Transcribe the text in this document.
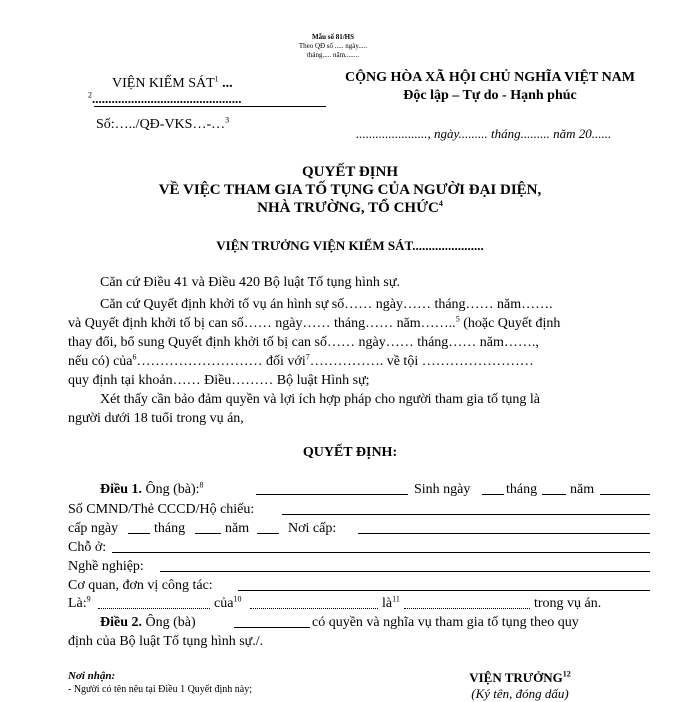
Mẫu số 81/HS
Theo QĐ số ..... ngày.....
tháng..... năm........
VIỆN KIỂM SÁT$^1$ ...
$^2$..............................................
Số:…../QĐ-VKS…-…$^3$
CỘNG HÒA XÃ HỘI CHỦ NGHĨA VIỆT NAM
Độc lập – Tự do - Hạnh phúc
......................, ngày......... tháng......... năm 20......
QUYẾT ĐỊNH
VỀ VIỆC THAM GIA TỐ TỤNG CỦA NGƯỜI ĐẠI DIỆN,
NHÀ TRƯỜNG, TỔ CHỨC$^4$
VIỆN TRƯỞNG VIỆN KIỂM SÁT......................
Căn cứ Điều 41 và Điều 420 Bộ luật Tố tụng hình sự.
Căn cứ Quyết định khởi tố vụ án hình sự số…… ngày…… tháng…… năm…….
và Quyết định khởi tố bị can số…… ngày…… tháng…… năm……..$^5$ (hoặc Quyết định
thay đổi, bổ sung Quyết định khởi tố bị can số…… ngày…… tháng…… năm…….,
nếu có) của$^6$……………………… đối với$^7$……………. về tội ……………………
quy định tại khoản…… Điều……… Bộ luật Hình sự;
Xét thấy cần bảo đảm quyền và lợi ích hợp pháp cho người tham gia tố tụng là
người dưới 18 tuổi trong vụ án,
QUYẾT ĐỊNH:
Điều 1. Ông (bà):$^8$	Sinh ngày	tháng năm
Số CMND/Thẻ CCCD/Hộ chiếu:
cấp ngày	tháng	năm	Nơi cấp:
Chỗ ở:
Nghề nghiệp:
Cơ quan, đơn vị công tác:
Là:$^9$	của$^{10}$	$là^{11}$	trong vụ án.
Điều 2. Ông (bà)	có quyền và nghĩa vụ tham gia tố tụng theo quy
định của Bộ luật Tố tụng hình sự./.
Nơi nhận:
- Người có tên nêu tại Điều 1 Quyết định này;
VIỆN TRƯỞNG$^{12}$
(Ký tên, đóng dấu)
